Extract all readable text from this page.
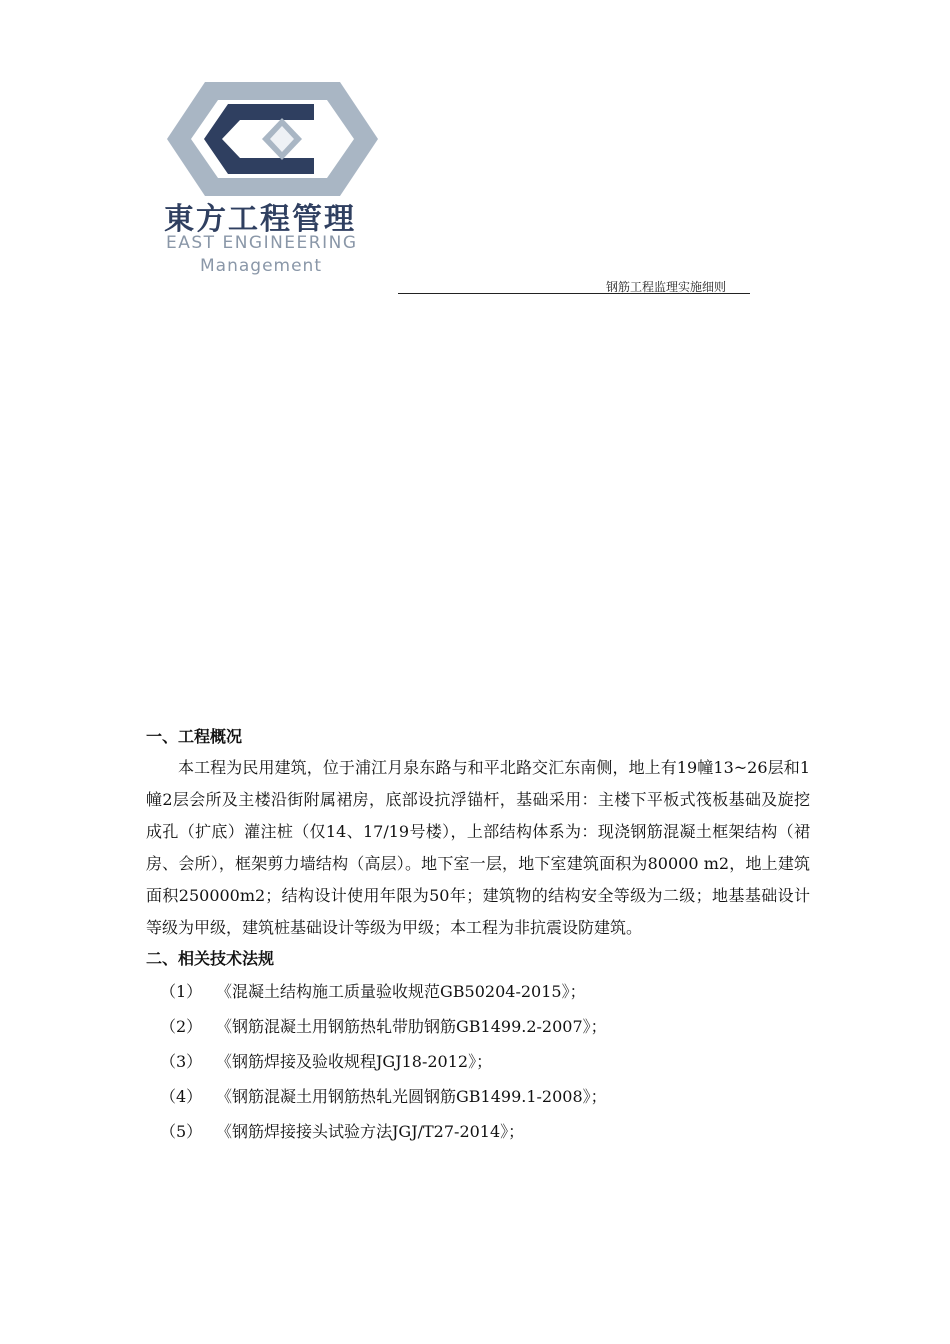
東方工程管理
EAST ENGINEERING
Management
钢筋工程监理实施细则
一、工程概况

本工程为民用建筑，位于浦江月泉东路与和平北路交汇东南侧，地上有19幢13~26层和1幢2层会所及主楼沿街附属裙房，底部设抗浮锚杆，基础采用：主楼下平板式筏板基础及旋挖成孔（扩底）灌注桩（仅14、17/19号楼），上部结构体系为：现浇钢筋混凝土框架结构（裙房、会所），框架剪力墙结构（高层）。地下室一层，地下室建筑面积为80000 m2，地上建筑面积250000m2；结构设计使用年限为50年；建筑物的结构安全等级为二级；地基基础设计等级为甲级，建筑桩基础设计等级为甲级；本工程为非抗震设防建筑。

二、相关技术法规
（1） 《混凝土结构施工质量验收规范GB50204-2015》；
（2） 《钢筋混凝土用钢筋热轧带肋钢筋GB1499.2-2007》；
（3） 《钢筋焊接及验收规程JGJ18-2012》；
（4） 《钢筋混凝土用钢筋热轧光圆钢筋GB1499.1-2008》；
（5） 《钢筋焊接接头试验方法JGJ/T27-2014》；
